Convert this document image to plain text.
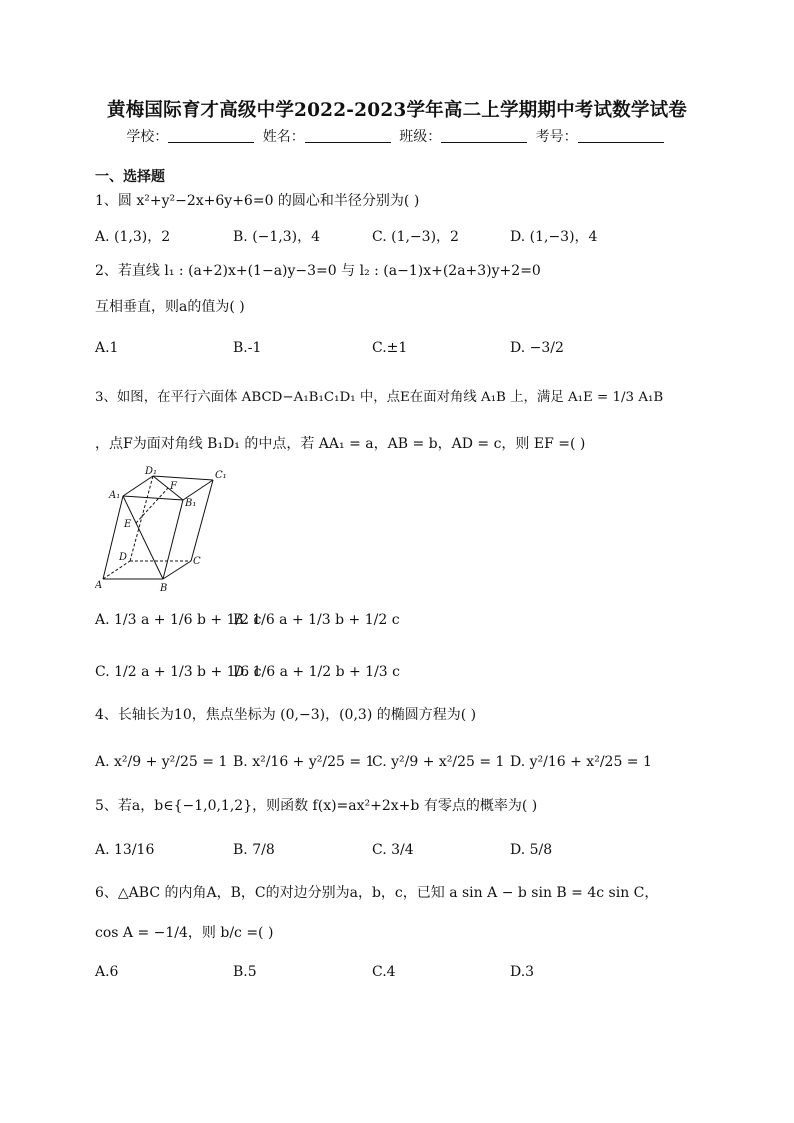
黄梅国际育才高级中学2022-2023学年高二上学期期中考试数学试卷
学校：	姓名：	班级：	考号：
一、选择题
1、圆 x²+y²−2x+6y+6=0 的圆心和半径分别为( )
A. (1,3)，2	B. (−1,3)，4	C. (1,−3)，2	D. (1,−3)，4
2、若直线 l₁ : (a+2)x+(1−a)y−3=0 与 l₂ : (a−1)x+(2a+3)y+2=0
互相垂直，则a的值为( )
A.1	B.-1	C.±1	D. −3/2
3、如图，在平行六面体 ABCD−A₁B₁C₁D₁ 中，点E在面对角线 A₁B 上，满足 A₁E = 1/3 A₁B
，点F为面对角线 B₁D₁ 的中点，若 AA₁ = a，AB = b，AD = c，则 EF =( )
D₁	C₁
A₁
F
B₁
E
D	C
A	B
A. 1/3 a + 1/6 b + 1/2 c
B. 1/6 a + 1/3 b + 1/2 c
C. 1/2 a + 1/3 b + 1/6 c
D. 1/6 a + 1/2 b + 1/3 c
4、长轴长为10，焦点坐标为 (0,−3)，(0,3) 的椭圆方程为( )
A. x²/9 + y²/25 = 1 B. x²/16 + y²/25 = 1
C. y²/9 + x²/25 = 1 D. y²/16 + x²/25 = 1
5、若a，b∈{−1,0,1,2}，则函数 f(x)=ax²+2x+b 有零点的概率为( )
A. 13/16	B. 7/8	C. 3/4	D. 5/8
6、△ABC 的内角A，B，C的对边分别为a，b，c，已知 a sin A − b sin B = 4c sin C，
cos A = −1/4，则 b/c =( )
A.6	B.5	C.4	D.3
